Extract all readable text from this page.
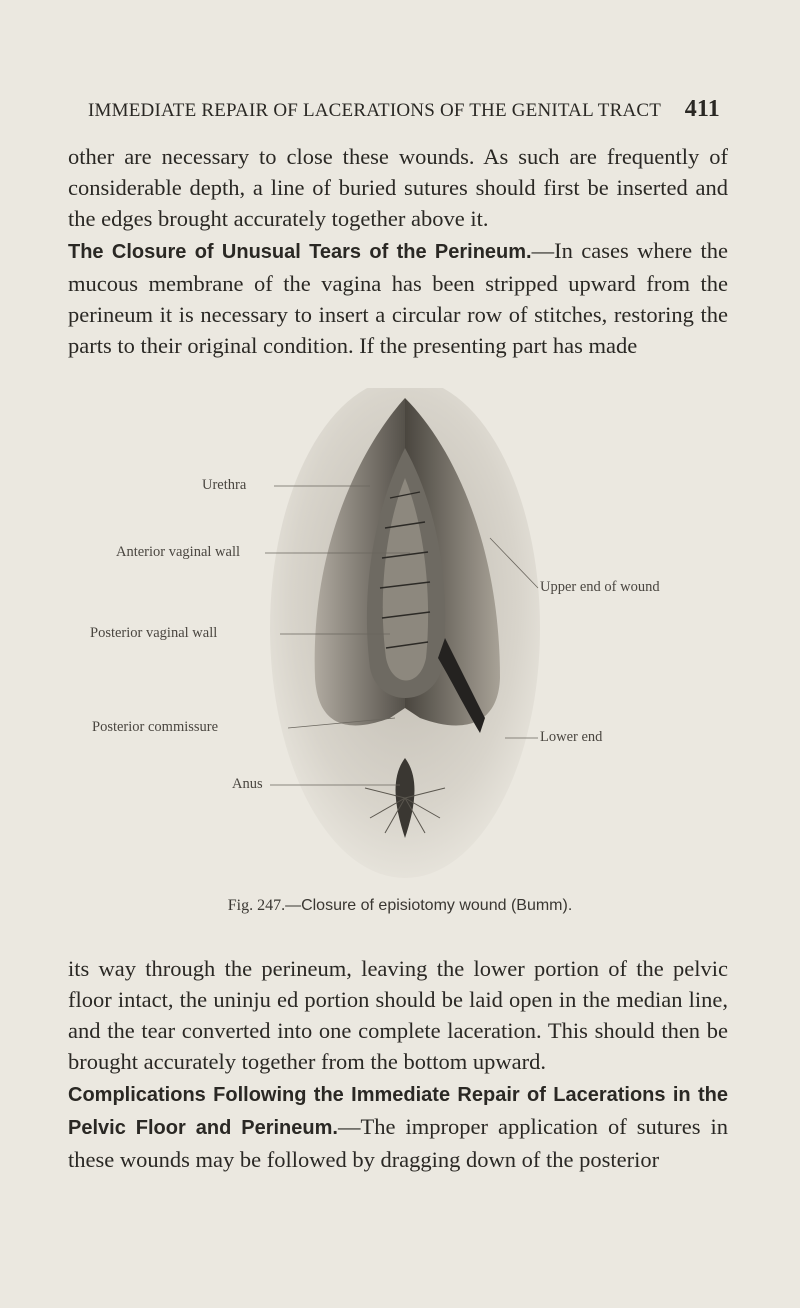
IMMEDIATE REPAIR OF LACERATIONS OF THE GENITAL TRACT 411

other are necessary to close these wounds. As such are frequently of considerable depth, a line of buried sutures should first be inserted and the edges brought accurately together above it.

The Closure of Unusual Tears of the Perineum.—In cases where the mucous membrane of the vagina has been stripped upward from the perineum it is necessary to insert a circular row of stitches, restoring the parts to their original condition. If the presenting part has made

Urethra
Anterior vaginal wall
Posterior vaginal wall
Posterior commissure
Anus
Upper end of wound
Lower end
Fig. 247.—Closure of episiotomy wound (Bumm).

its way through the perineum, leaving the lower portion of the pelvic floor intact, the uninju ed portion should be laid open in the median line, and the tear converted into one complete laceration. This should then be brought accurately together from the bottom upward.

Complications Following the Immediate Repair of Lacerations in the Pelvic Floor and Perineum.—The improper application of sutures in these wounds may be followed by dragging down of the posterior
